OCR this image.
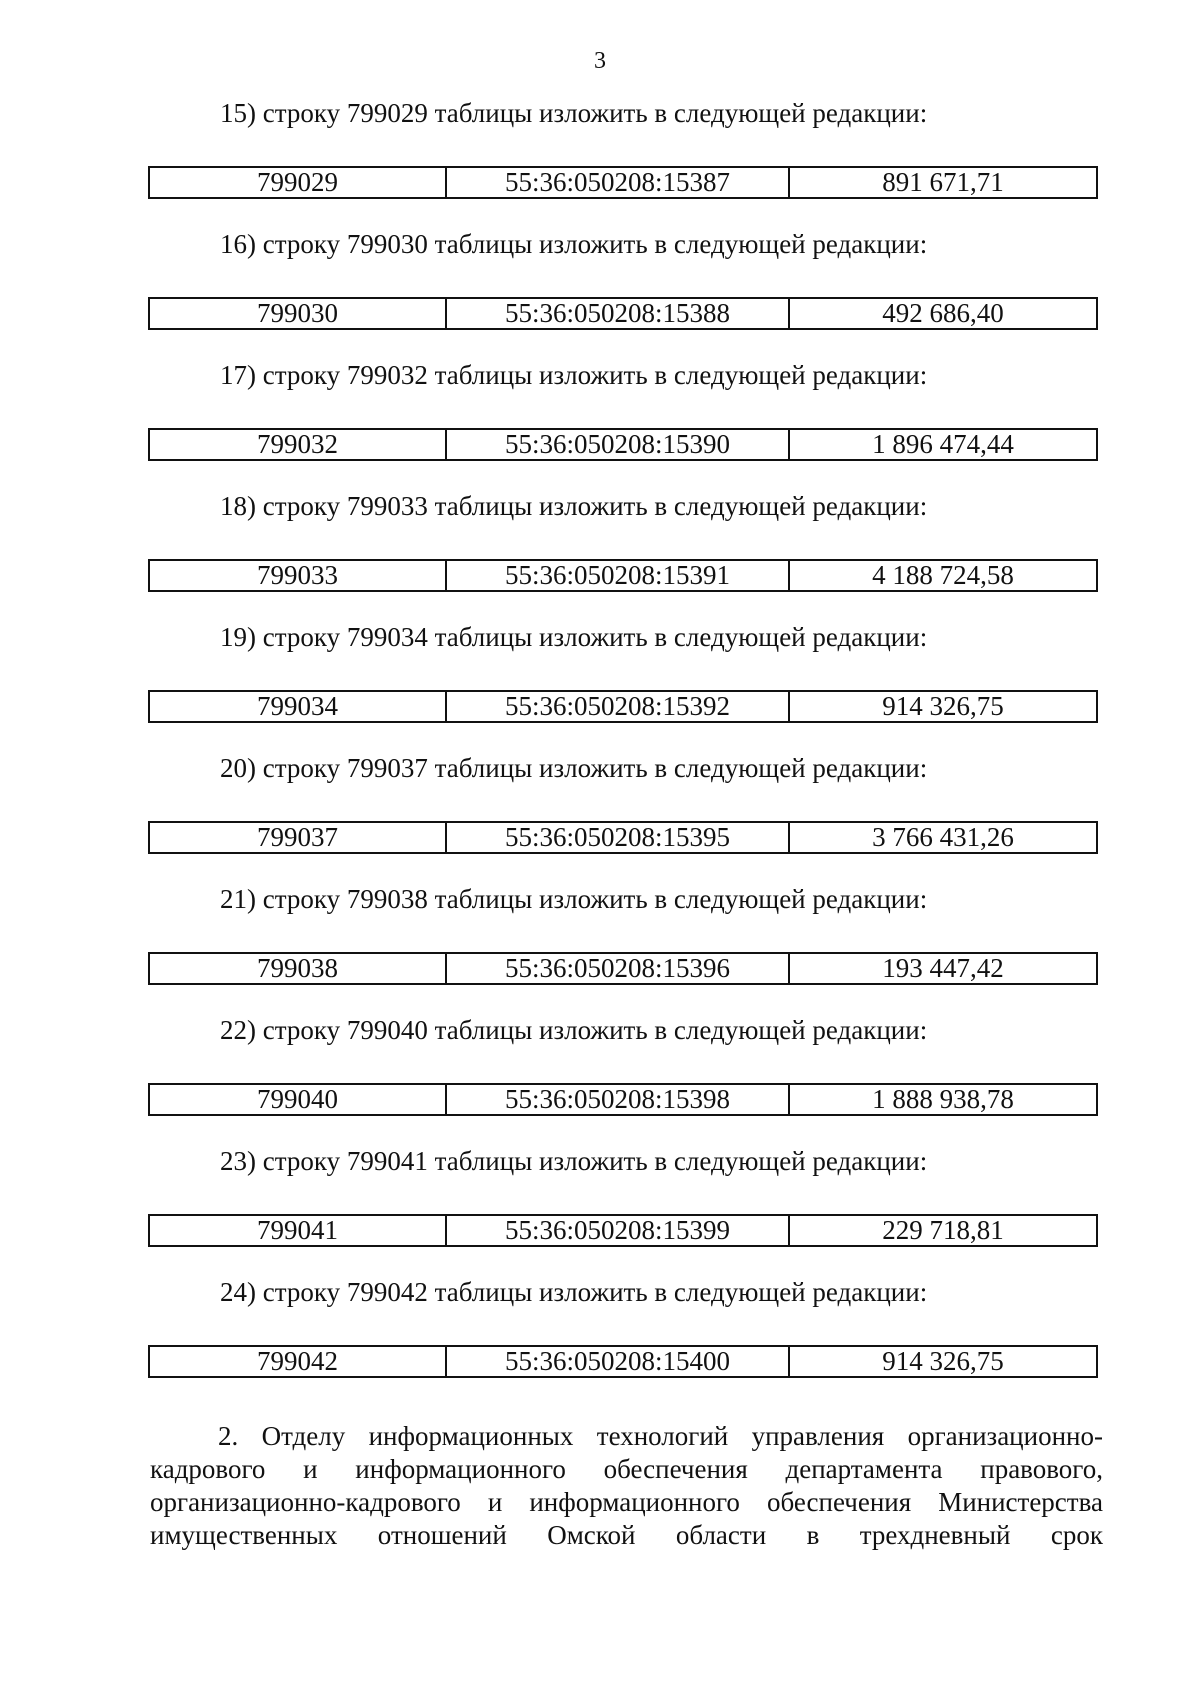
3
15) строку 799029 таблицы изложить в следующей редакции:
799029	55:36:050208:15387	891 671,71
16) строку 799030 таблицы изложить в следующей редакции:
799030	55:36:050208:15388	492 686,40
17) строку 799032 таблицы изложить в следующей редакции:
799032	55:36:050208:15390	1 896 474,44
18) строку 799033 таблицы изложить в следующей редакции:
799033	55:36:050208:15391	4 188 724,58
19) строку 799034 таблицы изложить в следующей редакции:
799034	55:36:050208:15392	914 326,75
20) строку 799037 таблицы изложить в следующей редакции:
799037	55:36:050208:15395	3 766 431,26
21) строку 799038 таблицы изложить в следующей редакции:
799038	55:36:050208:15396	193 447,42
22) строку 799040 таблицы изложить в следующей редакции:
799040	55:36:050208:15398	1 888 938,78
23) строку 799041 таблицы изложить в следующей редакции:
799041	55:36:050208:15399	229 718,81
24) строку 799042 таблицы изложить в следующей редакции:
799042	55:36:050208:15400	914 326,75
2. Отделу информационных технологий управления организационно-
кадрового и информационного обеспечения департамента правового,
организационно-кадрового и информационного обеспечения Министерства
имущественных отношений Омской области в трехдневный срок
